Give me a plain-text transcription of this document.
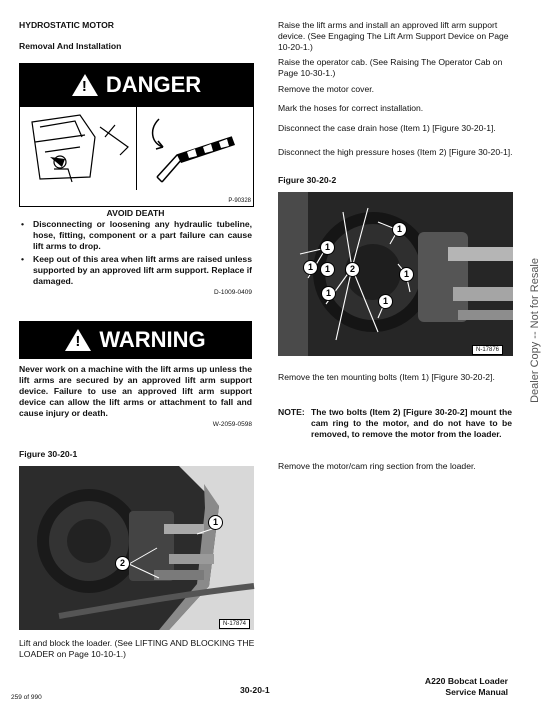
HYDROSTATIC MOTOR
Removal And Installation
! DANGER
P-90328
AVOID DEATH
• Disconnecting or loosening any hydraulic tubeline, hose, fitting, component or a part failure can cause lift arms to drop.
• Keep out of this area when lift arms are raised unless supported by an approved lift arm support. Replace if damaged.
D-1009-0409
! WARNING
Never work on a machine with the lift arms up unless the lift arms are secured by an approved lift arm support device. Failure to use an approved lift arm support device can allow the lift arms or attachment to fall and cause injury or death.
W-2059-0598
Figure 30-20-1
1
2
N-17874
Lift and block the loader. (See LIFTING AND BLOCKING THE LOADER on Page 10-10-1.)
Raise the lift arms and install an approved lift arm support device. (See Engaging The Lift Arm Support Device on Page 10-20-1.)
Raise the operator cab. (See Raising The Operator Cab on Page 10-30-1.)
Remove the motor cover.
Mark the hoses for correct installation.
Disconnect the case drain hose (Item 1) [Figure 30-20-1].
Disconnect the high pressure hoses (Item 2) [Figure 30-20-1].
Figure 30-20-2
1
1	1
1
2
1
1
1
N-17876
Remove the ten mounting bolts (Item 1) [Figure 30-20-2].
NOTE: The two bolts (Item 2) [Figure 30-20-2] mount the cam ring to the motor, and do not have to be removed, to remove the motor from the loader.
Remove the motor/cam ring section from the loader.
Dealer Copy -- Not for Resale
259 of 990
30-20-1
A220 Bobcat Loader
Service Manual
